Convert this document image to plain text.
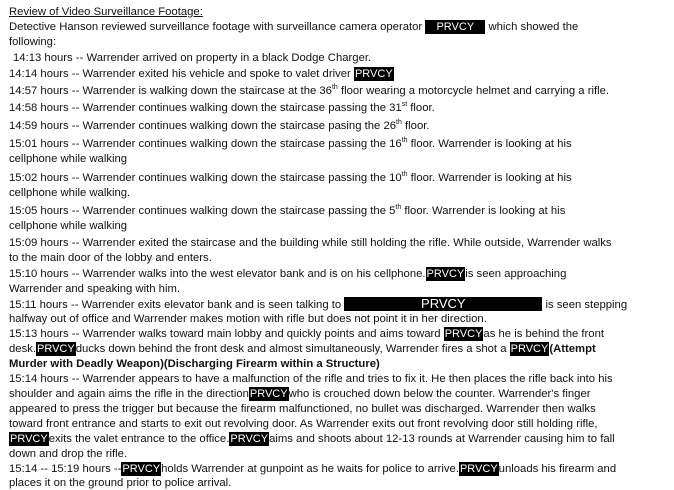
Review of Video Surveillance Footage:
Detective Hanson reviewed surveillance footage with surveillance camera operator PRVCY which showed the
following:
14:13 hours -- Warrender arrived on property in a black Dodge Charger.
14:14 hours -- Warrender exited his vehicle and spoke to valet driver PRVCY
14:57 hours -- Warrender is walking down the staircase at the 36th floor wearing a motorcycle helmet and carrying a rifle.
14:58 hours -- Warrender continues walking down the staircase passing the 31st floor.
14:59 hours -- Warrender continues walking down the staircase pasing the 26th floor.
15:01 hours -- Warrender continues walking down the staircase passing the 16th floor. Warrender is looking at his
cellphone while walking
15:02 hours -- Warrender continues walking down the staircase passing the 10th floor. Warrender is looking at his
cellphone while walking.
15:05 hours -- Warrender continues walking down the staircase passing the 5th floor. Warrender is looking at his
cellphone while walking
15:09 hours -- Warrender exited the staircase and the building while still holding the rifle. While outside, Warrender walks
to the main door of the lobby and enters.
15:10 hours -- Warrender walks into the west elevator bank and is on his cellphone.PRVCYis seen approaching
Warrender and speaking with him.
15:11 hours -- Warrender exits elevator bank and is seen talking to	PRVCY	is seen stepping
halfway out of office and Warrender makes motion with rifle but does not point it in her direction.
15:13 hours -- Warrender walks toward main lobby and quickly points and aims toward PRVCYas he is behind the front
desk.PRVCYducks down behind the front desk and almost simultaneously, Warrender fires a shot a PRVCY(Attempt
Murder with Deadly Weapon)(Discharging Firearm within a Structure)
15:14 hours -- Warrender appears to have a malfunction of the rifle and tries to fix it. He then places the rifle back into his
shoulder and again aims the rifle in the directionPRVCYwho is crouched down below the counter. Warrender's finger
appeared to press the trigger but because the firearm malfunctioned, no bullet was discharged. Warrender then walks
toward front entrance and starts to exit out revolving door. As Warrender exits out front revolving door still holding rifle,
PRVCYexits the valet entrance to the office.PRVCYaims and shoots about 12-13 rounds at Warrender causing him to fall
down and drop the rifle.
15:14 -- 15:19 hours --PRVCYholds Warrender at gunpoint as he waits for police to arrive.PRVCYunloads his firearm and
places it on the ground prior to police arrival.
